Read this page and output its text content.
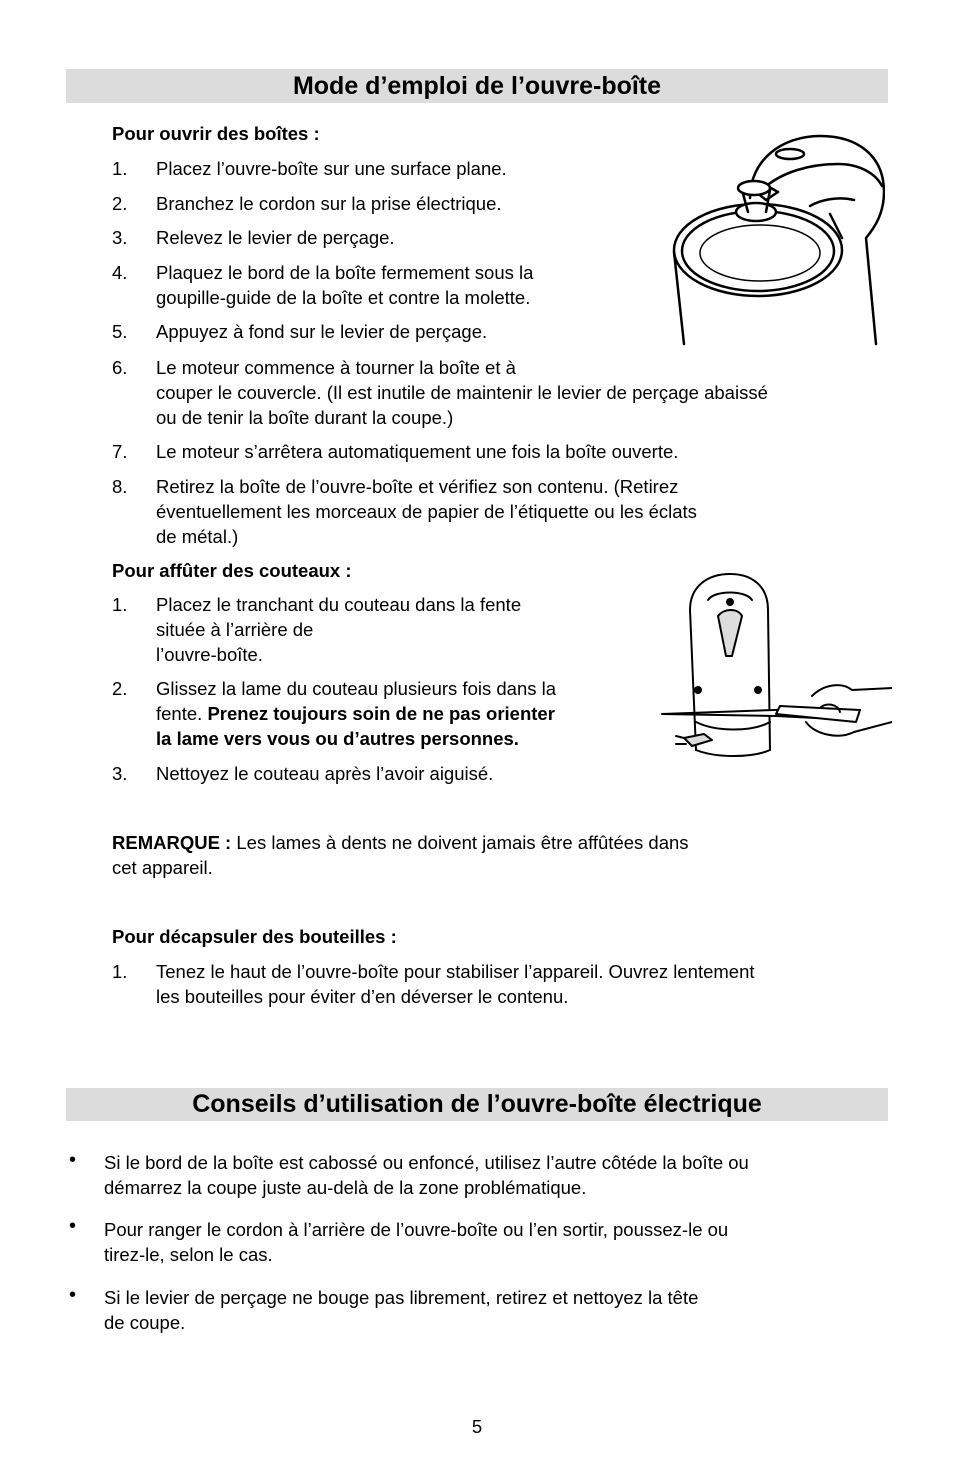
Mode d’emploi de l’ouvre-boîte
Pour ouvrir des boîtes :
1. Placez l’ouvre-boîte sur une surface plane.
2. Branchez le cordon sur la prise électrique.
3. Relevez le levier de perçage.
4. Plaquez le bord de la boîte fermement sous la
goupille-guide de la boîte et contre la molette.
5. Appuyez à fond sur le levier de perçage.
6. Le moteur commence à tourner la boîte et à
couper le couvercle. (Il est inutile de maintenir le levier de perçage abaissé
ou de tenir la boîte durant la coupe.)
7. Le moteur s’arrêtera automatiquement une fois la boîte ouverte.
8. Retirez la boîte de l’ouvre-boîte et vérifiez son contenu. (Retirez
éventuellement les morceaux de papier de l’étiquette ou les éclats
de métal.)
Pour affûter des couteaux :
1. Placez le tranchant du couteau dans la fente
située à l’arrière de
l’ouvre-boîte.
2. Glissez la lame du couteau plusieurs fois dans la
fente. Prenez toujours soin de ne pas orienter
la lame vers vous ou d’autres personnes.
3. Nettoyez le couteau après l’avoir aiguisé.
REMARQUE : Les lames à dents ne doivent jamais être affûtées dans
cet appareil.
Pour décapsuler des bouteilles :
1. Tenez le haut de l’ouvre-boîte pour stabiliser l’appareil. Ouvrez lentement
les bouteilles pour éviter d’en déverser le contenu.
Conseils d’utilisation de l’ouvre-boîte électrique
• Si le bord de la boîte est cabossé ou enfoncé, utilisez l’autre côtéde la boîte ou
démarrez la coupe juste au-delà de la zone problématique.
• Pour ranger le cordon à l’arrière de l’ouvre-boîte ou l’en sortir, poussez-le ou
tirez-le, selon le cas.
• Si le levier de perçage ne bouge pas librement, retirez et nettoyez la tête
de coupe.
5
